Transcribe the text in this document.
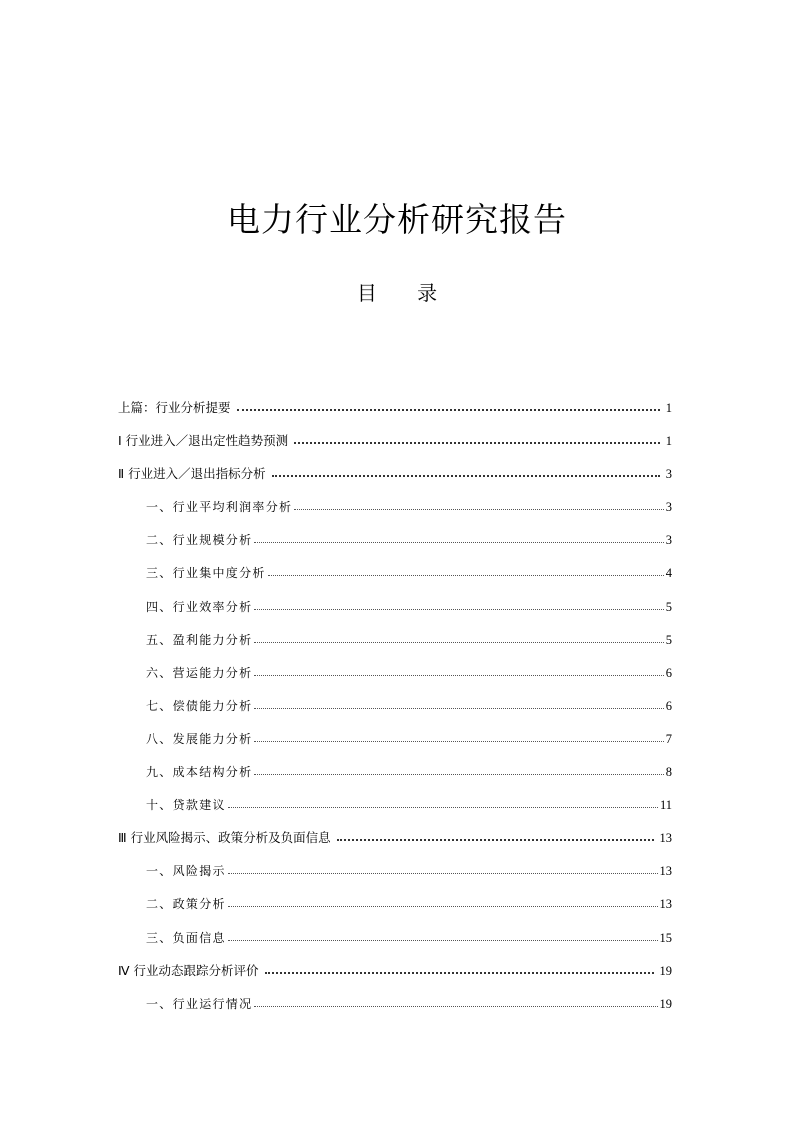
电力行业分析研究报告
目 录
上篇：行业分析提要	1
Ⅰ 行业进入／退出定性趋势预测	1
Ⅱ 行业进入／退出指标分析	3
一、行业平均利润率分析	3
二、行业规模分析	3
三、行业集中度分析	4
四、行业效率分析	5
五、盈利能力分析	5
六、营运能力分析	6
七、偿债能力分析	6
八、发展能力分析	7
九、成本结构分析	8
十、贷款建议	11
Ⅲ 行业风险揭示、政策分析及负面信息	13
一、风险揭示	13
二、政策分析	13
三、负面信息	15
Ⅳ 行业动态跟踪分析评价	19
一、行业运行情况	19
